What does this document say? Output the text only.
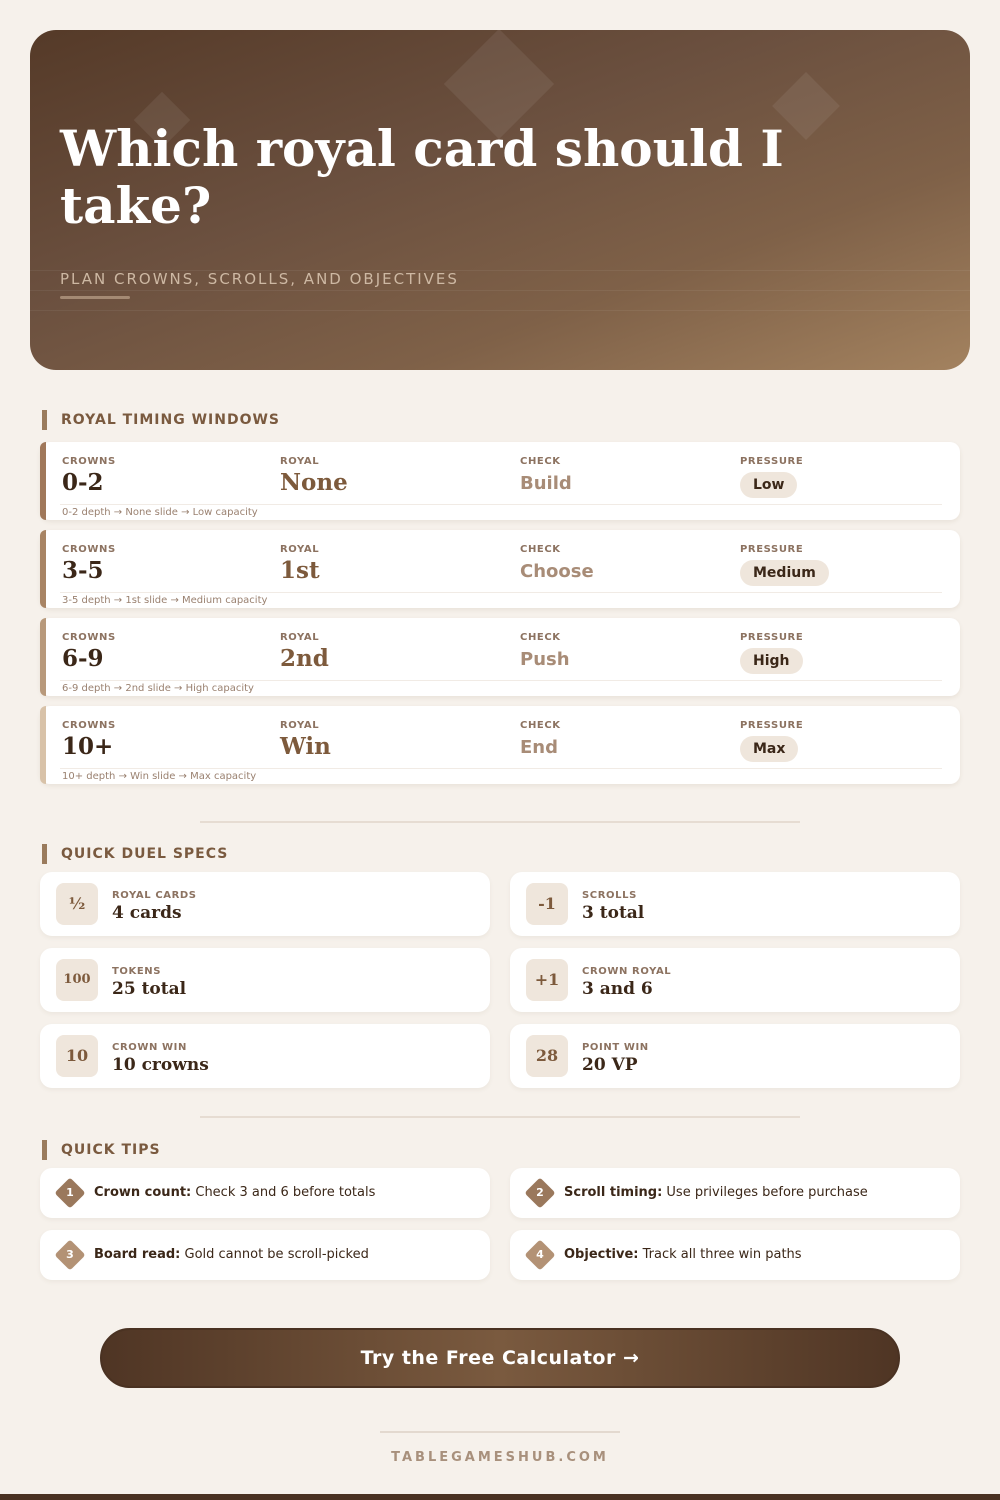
Which royal card should I take?
PLAN CROWNS, SCROLLS, AND OBJECTIVES
ROYAL TIMING WINDOWS
CROWNS
0-2
ROYAL
None
CHECK
Build
PRESSURE
Low
0-2 depth → None slide → Low capacity
CROWNS
3-5
ROYAL
1st
CHECK
Choose
PRESSURE
Medium
3-5 depth → 1st slide → Medium capacity
CROWNS
6-9
ROYAL
2nd
CHECK
Push
PRESSURE
High
6-9 depth → 2nd slide → High capacity
CROWNS
10+
ROYAL
Win
CHECK
End
PRESSURE
Max
10+ depth → Win slide → Max capacity
QUICK DUEL SPECS
½	ROYAL CARDS
4 cards	-1	SCROLLS
3 total
100
TOKENS
25 total	+1	CROWN ROYAL
3 and 6
10	CROWN WIN
10 crowns	28	POINT WIN
20 VP
QUICK TIPS
1	Crown count: Check 3 and 6 before totals	2	Scroll timing: Use privileges before purchase
3	Board read: Gold cannot be scroll-picked	4	Objective: Track all three win paths
Try the Free Calculator →
TABLEGAMESHUB.COM
